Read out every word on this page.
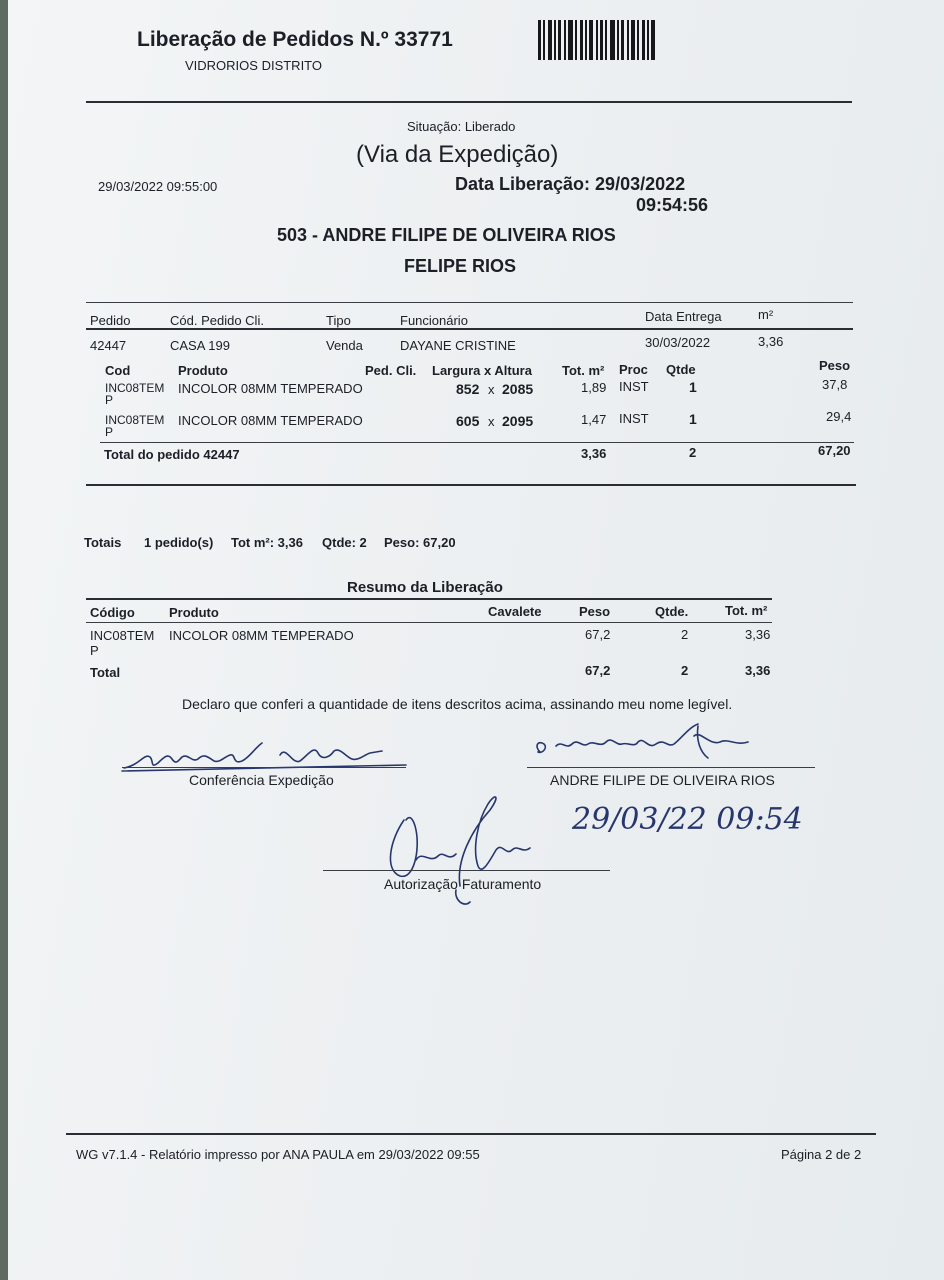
Liberação de Pedidos N.º 33771
VIDRORIOS DISTRITO
Situação: Liberado
(Via da Expedição)
29/03/2022 09:55:00	Data Liberação: 29/03/2022
09:54:56
503 - ANDRE FILIPE DE OLIVEIRA RIOS
FELIPE RIOS
Pedido	Cód. Pedido Cli.	Tipo	Funcionário	Data Entrega	m²
42447	CASA 199	Venda	DAYANE CRISTINE	30/03/2022	3,36
Cod	Produto	Ped. Cli. Largura x Altura Tot. m² Proc Qtde	Peso
INC08TEM
P
INCOLOR 08MM TEMPERADO	852 x 2085	1,89 INST	1	37,8
INC08TEM
P
INCOLOR 08MM TEMPERADO	605 x 2095	1,47 INST	1	29,4
Total do pedido 42447	3,36	2	67,20
Totais 1 pedido(s) Tot m²: 3,36 Qtde: 2 Peso: 67,20
Resumo da Liberação
Código	Produto	Cavalete	Peso	Qtde.	Tot. m²
INC08TEM
P
INCOLOR 08MM TEMPERADO	67,2	2	3,36
Total	67,2	2	3,36
Declaro que conferi a quantidade de itens descritos acima, assinando meu nome legível.
Conferência Expedição	ANDRE FILIPE DE OLIVEIRA RIOS
29/03/22 09:54
Autorização Faturamento
WG v7.1.4 - Relatório impresso por ANA PAULA em 29/03/2022 09:55	Página 2 de 2
